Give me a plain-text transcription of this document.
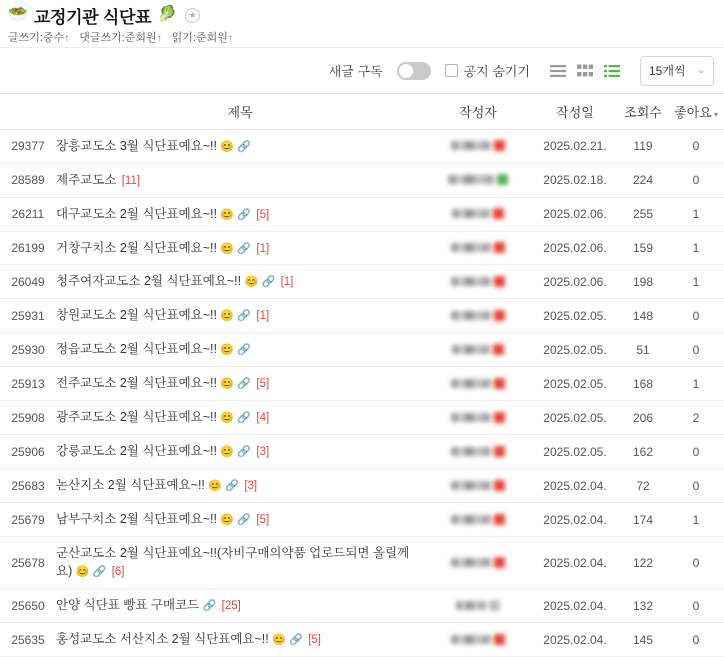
🥗 교정기관 식단표 🥬	★
글쓰기:중수↑ 댓글쓰기:준회원↑ 읽기:준회원↑
새글 구독	공지 숨기기	15개씩 ⌄
	제목	작성자	작성일	조회수	좋아요 ▾
29377	장흥교도소 3월 식단표예요~!! 😊 🔗		2025.02.21.	119	0
28589	제주교도소 [11]		2025.02.18.	224	0
26211	대구교도소 2월 식단표예요~!! 😊 🔗 [5]		2025.02.06.	255	1
26199	거창구치소 2월 식단표예요~!! 😊 🔗 [1]		2025.02.06.	159	1
26049	청주여자교도소 2월 식단표예요~!! 😊 🔗 [1]		2025.02.06.	198	1
25931	창원교도소 2월 식단표예요~!! 😊 🔗 [1]		2025.02.05.	148	0
25930	정읍교도소 2월 식단표예요~!! 😊 🔗		2025.02.05.	51	0
25913	전주교도소 2월 식단표예요~!! 😊 🔗 [5]		2025.02.05.	168	1
25908	광주교도소 2월 식단표예요~!! 😊 🔗 [4]		2025.02.05.	206	2
25906	강릉교도소 2월 식단표예요~!! 😊 🔗 [3]		2025.02.05.	162	0
25683	논산지소 2월 식단표예요~!! 😊 🔗 [3]		2025.02.04.	72	0
25679	남부구치소 2월 식단표예요~!! 😊 🔗 [5]		2025.02.04.	174	1
25678	군산교도소 2월 식단표예요~!!(자비구매의약품 업로드되면 올릴께요) 😊 🔗 [6]		2025.02.04.	122	0
25650	안양 식단표 빵표 구매코드 🔗 [25]		2025.02.04.	132	0
25635	홍성교도소 서산지소 2월 식단표예요~!! 😊 🔗 [5]		2025.02.04.	145	0
